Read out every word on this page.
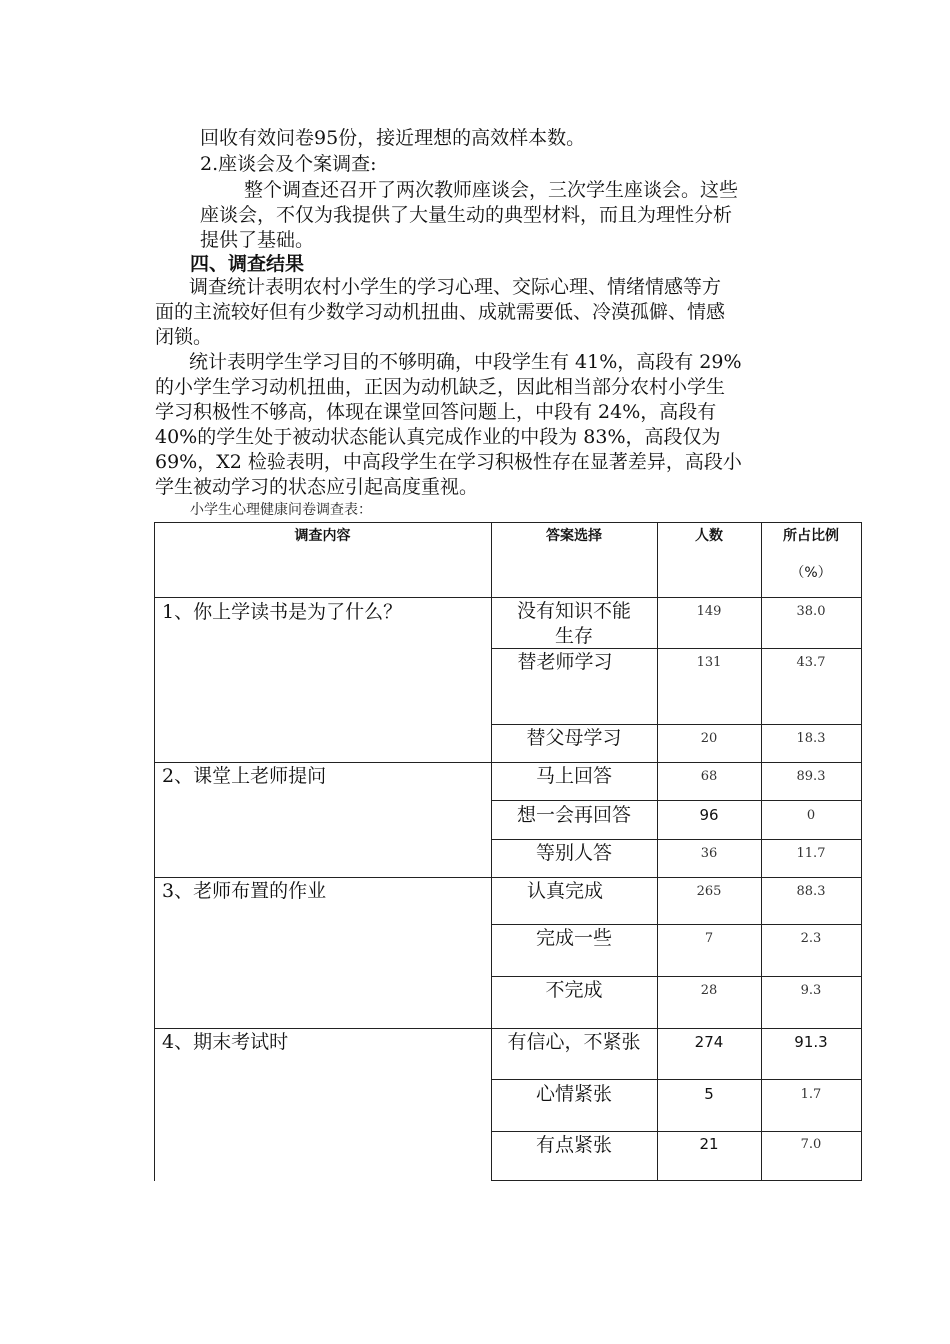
回收有效问卷95份，接近理想的高效样本数。
2.座谈会及个案调查:
整个调查还召开了两次教师座谈会，三次学生座谈会。这些
座谈会，不仅为我提供了大量生动的典型材料，而且为理性分析
提供了基础。
四、调查结果
调查统计表明农村小学生的学习心理、交际心理、情绪情感等方
面的主流较好但有少数学习动机扭曲、成就需要低、冷漠孤僻、情感
闭锁。
统计表明学生学习目的不够明确，中段学生有 41%，高段有 29%
的小学生学习动机扭曲，正因为动机缺乏，因此相当部分农村小学生
学习积极性不够高，体现在课堂回答问题上，中段有 24%，高段有
40%的学生处于被动状态能认真完成作业的中段为 83%，高段仅为
69%，X2 检验表明，中高段学生在学习积极性存在显著差异，高段小
学生被动学习的状态应引起高度重视。
小学生心理健康问卷调查表：
调查内容	答案选择	人数	所占比例
（%）
1、你上学读书是为了什么？	没有知识不能
生存
149	38.0
替老师学习	131	43.7
替父母学习	20	18.3
2、课堂上老师提问	马上回答	68	89.3
想一会再回答	96	0
等别人答	36	11.7
3、老师布置的作业	认真完成	265	88.3
完成一些	7	2.3
不完成	28	9.3
4、期末考试时	有信心，不紧张	274	91.3
心情紧张	5	1.7
有点紧张	21	7.0
